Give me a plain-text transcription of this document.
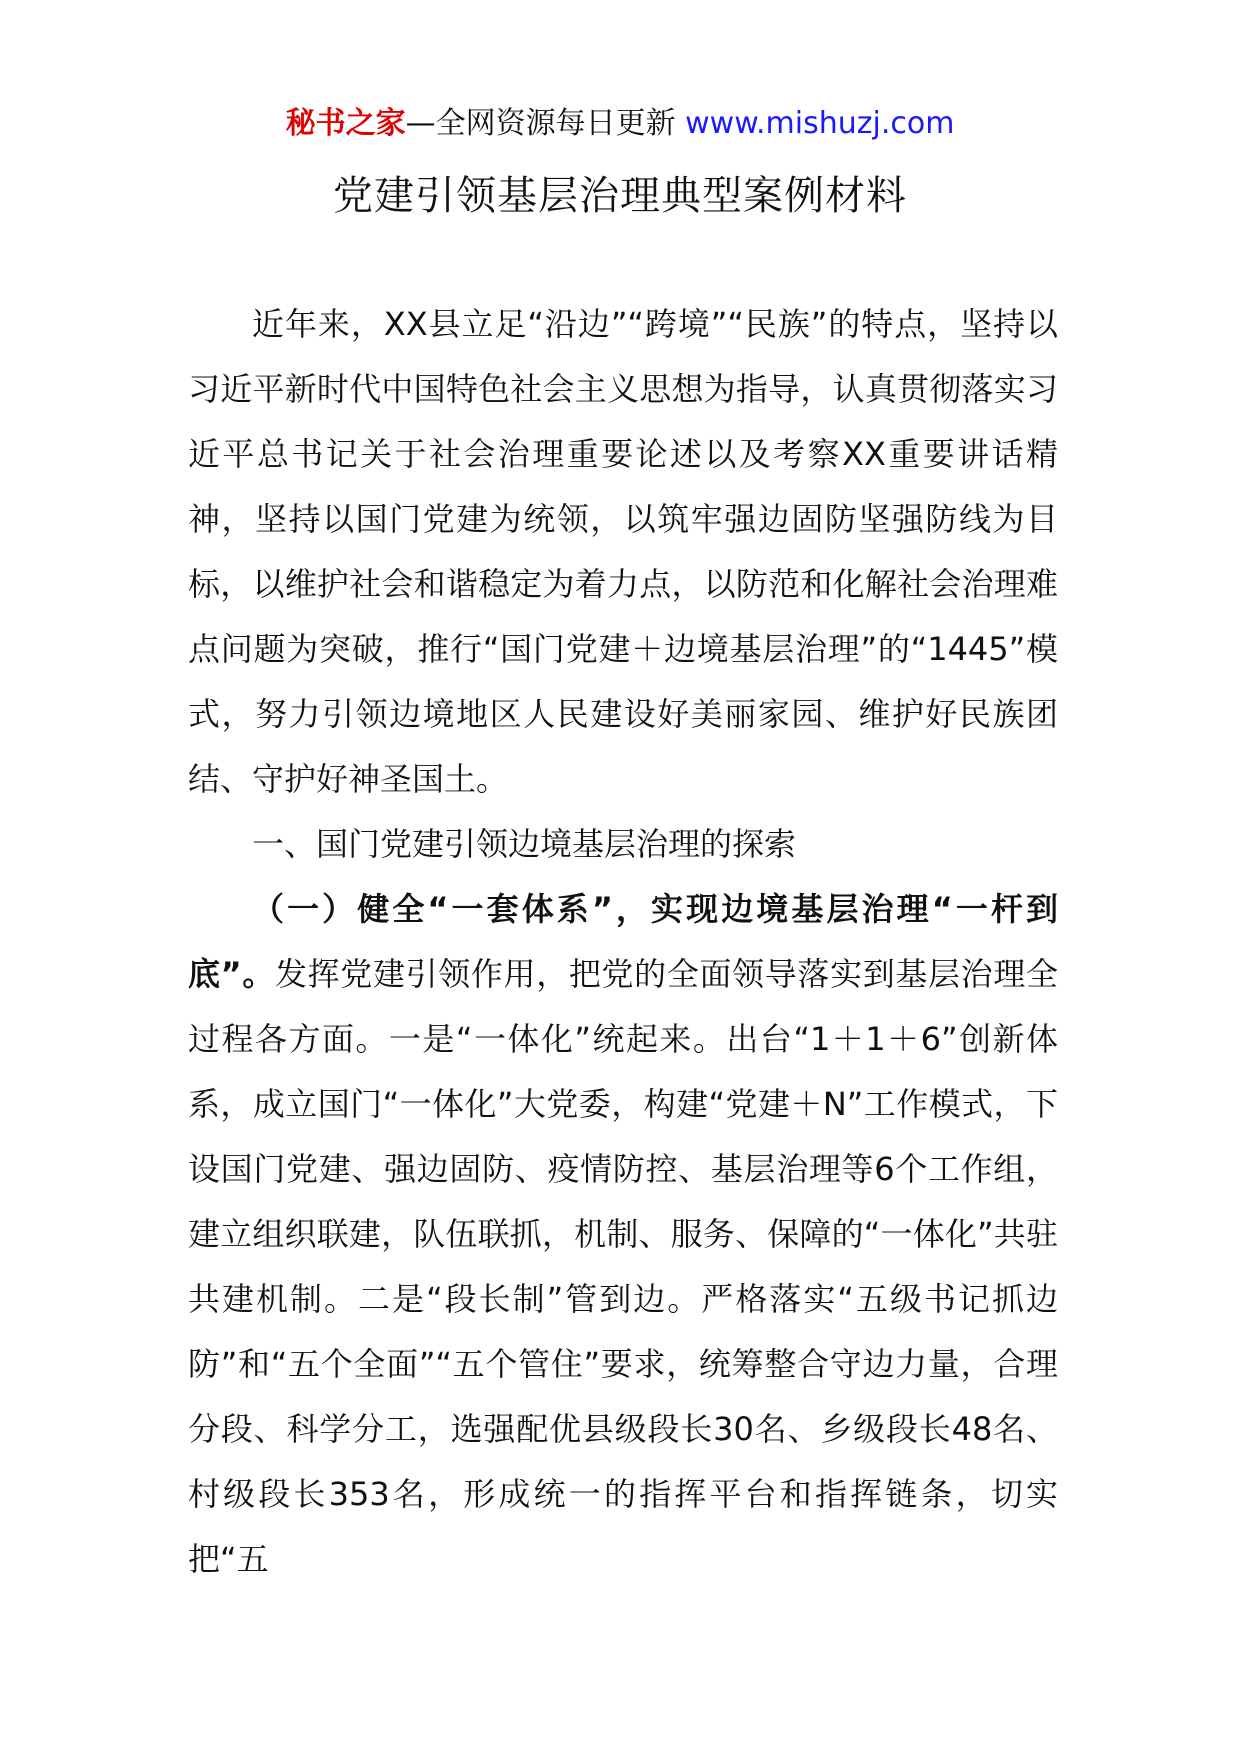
秘书之家—全网资源每日更新 www.mishuzj.com
党建引领基层治理典型案例材料

近年来，XX县立足“沿边”“跨境”“民族”的特点，坚持以习近平新时代中国特色社会主义思想为指导，认真贯彻落实习近平总书记关于社会治理重要论述以及考察XX重要讲话精神，坚持以国门党建为统领，以筑牢强边固防坚强防线为目标，以维护社会和谐稳定为着力点，以防范和化解社会治理难点问题为突破，推行“国门党建＋边境基层治理”的“1445”模式，努力引领边境地区人民建设好美丽家园、维护好民族团结、守护好神圣国土。

一、国门党建引领边境基层治理的探索

（一）健全“一套体系”，实现边境基层治理“一杆到底”。发挥党建引领作用，把党的全面领导落实到基层治理全过程各方面。一是“一体化”统起来。出台“1＋1＋6”创新体系，成立国门“一体化”大党委，构建“党建＋N”工作模式，下设国门党建、强边固防、疫情防控、基层治理等6个工作组，建立组织联建，队伍联抓，机制、服务、保障的“一体化”共驻共建机制。二是“段长制”管到边。严格落实“五级书记抓边防”和“五个全面”“五个管住”要求，统筹整合守边力量，合理分段、科学分工，选强配优县级段长30名、乡级段长48名、村级段长353名，形成统一的指挥平台和指挥链条，切实把“五
